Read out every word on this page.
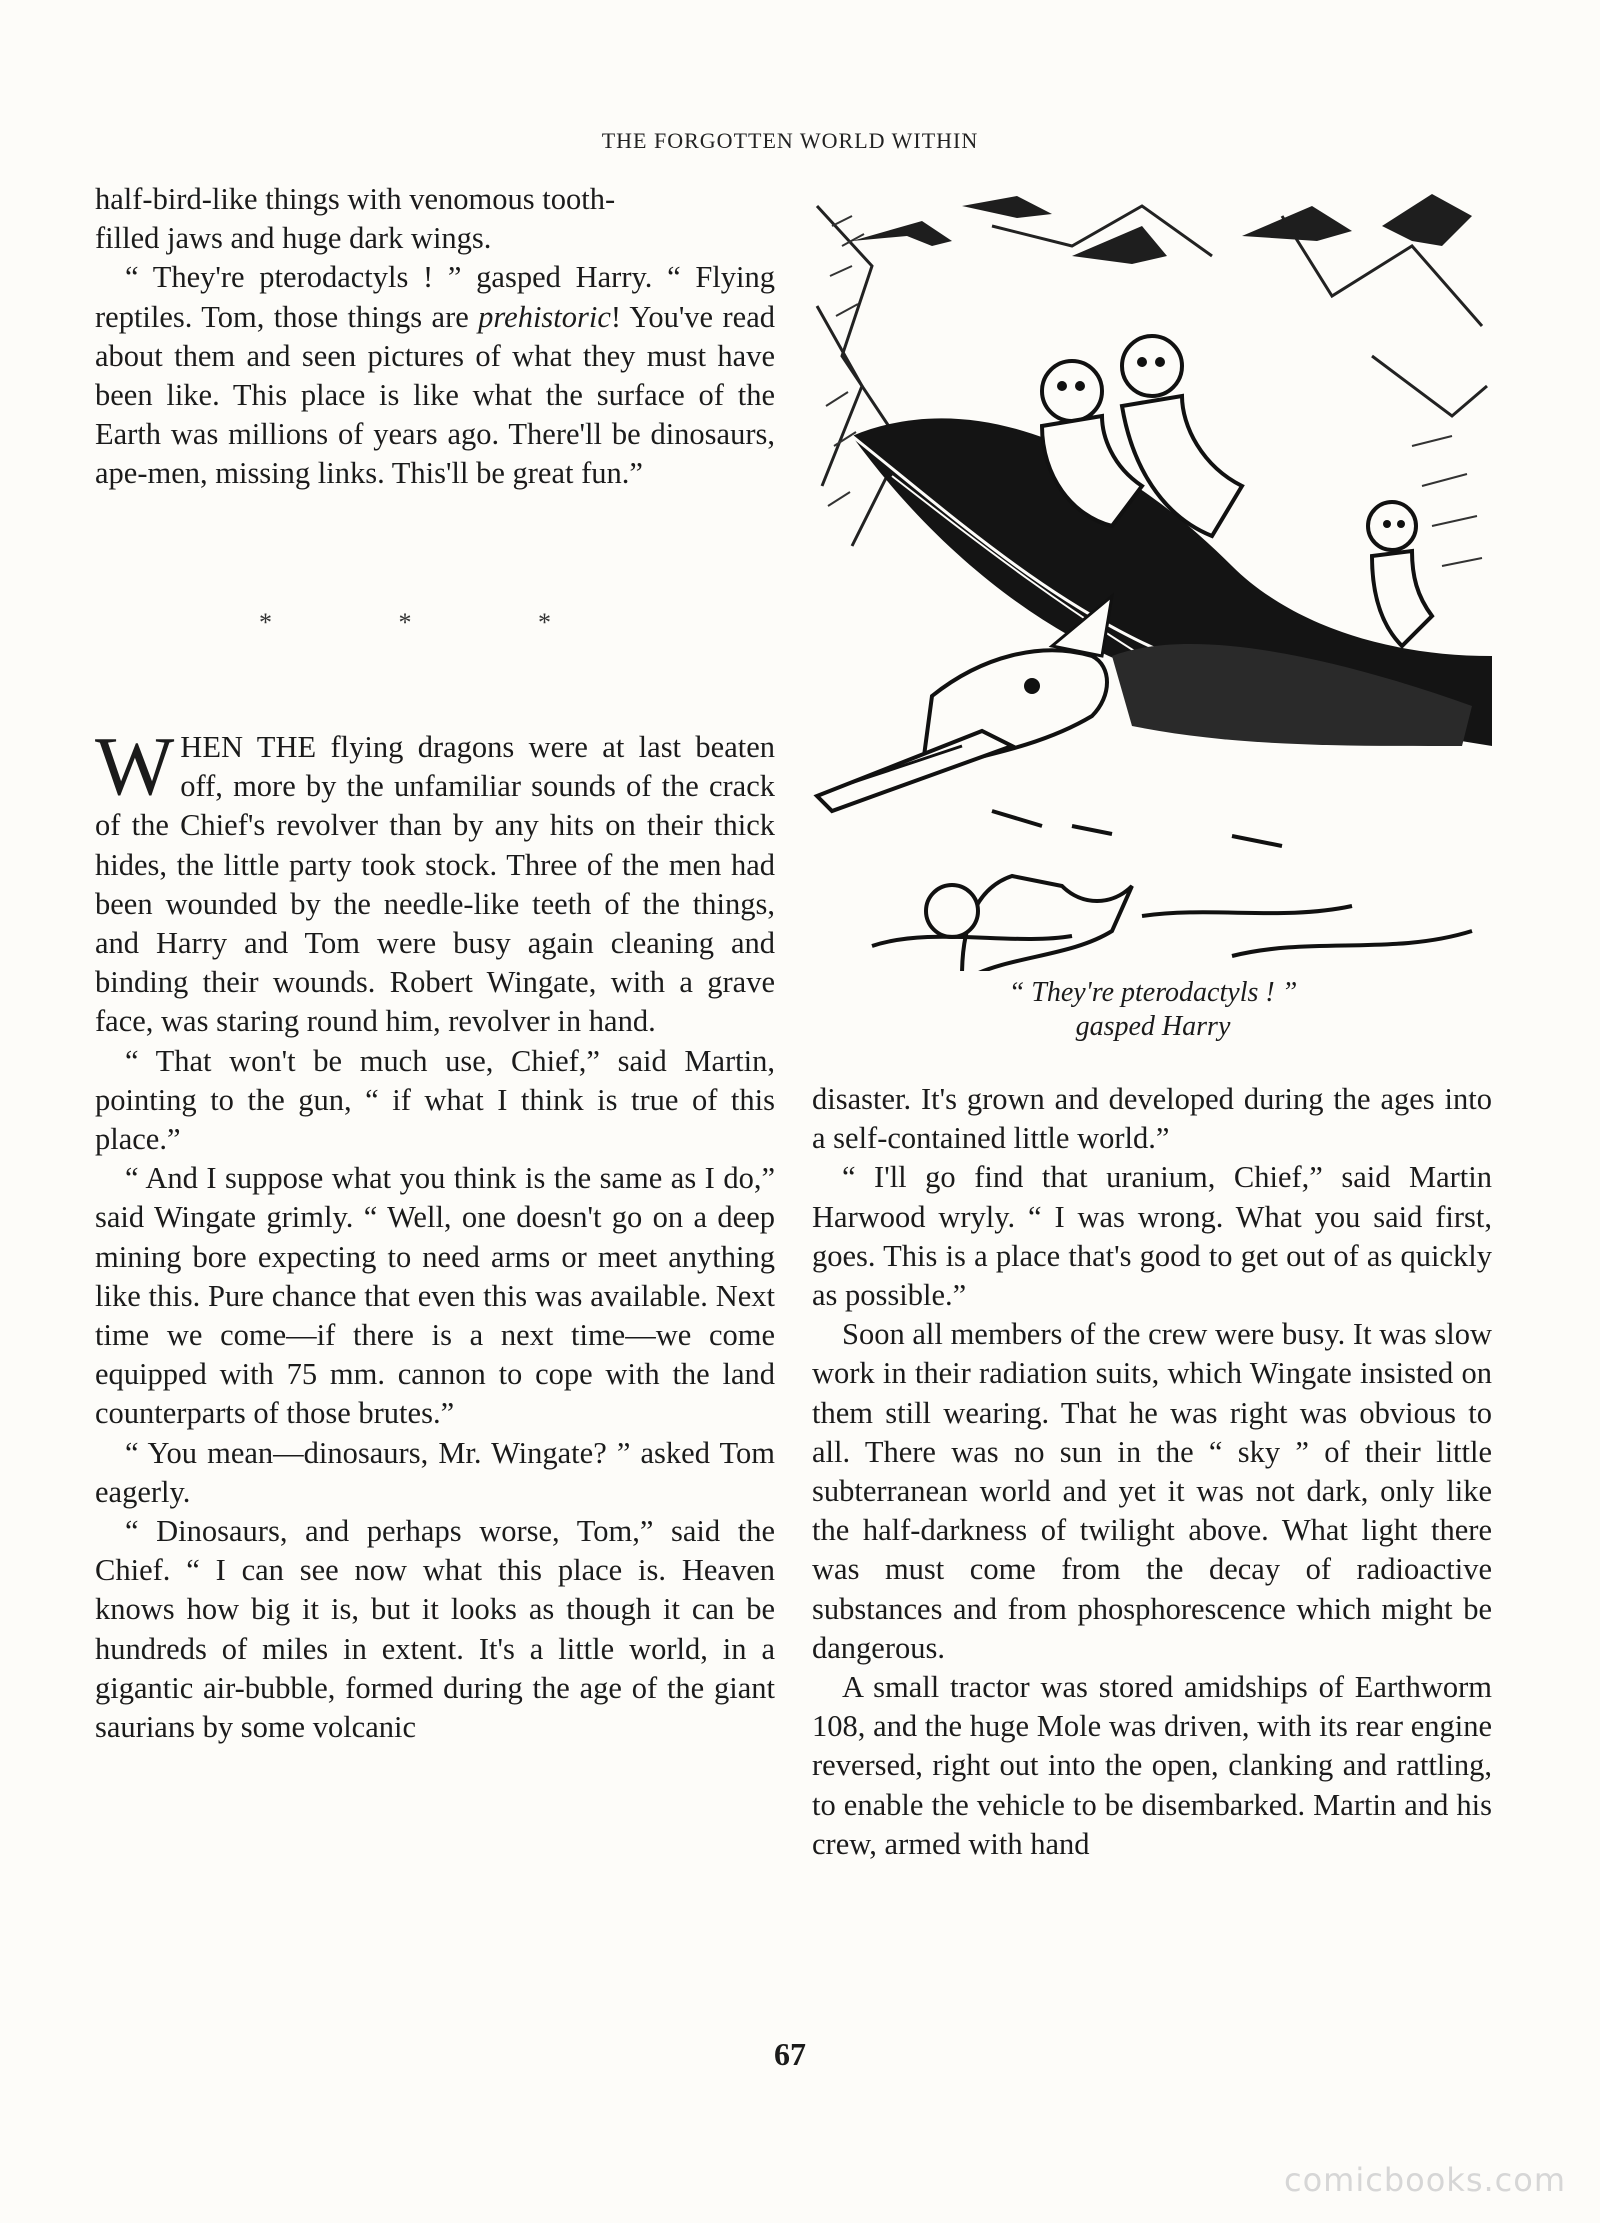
THE FORGOTTEN WORLD WITHIN

half-bird-like things with venomous tooth-

filled jaws and huge dark wings.

“ They're pterodactyls ! ” gasped Harry. “ Flying reptiles. Tom, those things are prehistoric! You've read about them and seen pictures of what they must have been like. This place is like what the surface of the Earth was millions of years ago. There'll be dinosaurs, ape-men, missing links. This'll be great fun.”

* * *

WHEN THE flying dragons were at last beaten off, more by the unfamiliar sounds of the crack of the Chief's revolver than by any hits on their thick hides, the little party took stock. Three of the men had been wounded by the needle-like teeth of the things, and Harry and Tom were busy again cleaning and binding their wounds. Robert Wingate, with a grave face, was staring round him, revolver in hand.

“ That won't be much use, Chief,” said Martin, pointing to the gun, “ if what I think is true of this place.”

“ And I suppose what you think is the same as I do,” said Wingate grimly. “ Well, one doesn't go on a deep mining bore expecting to need arms or meet anything like this. Pure chance that even this was available. Next time we come—if there is a next time—we come equipped with 75 mm. cannon to cope with the land counterparts of those brutes.”

“ You mean—dinosaurs, Mr. Wingate? ” asked Tom eagerly.

“ Dinosaurs, and perhaps worse, Tom,” said the Chief. “ I can see now what this place is. Heaven knows how big it is, but it looks as though it can be hundreds of miles in extent. It's a little world, in a gigantic air-bubble, formed during the age of the giant saurians by some volcanic

“ They're pterodactyls ! ”
gasped Harry

disaster. It's grown and developed during the ages into a self-contained little world.”

“ I'll go find that uranium, Chief,” said Martin Harwood wryly. “ I was wrong. What you said first, goes. This is a place that's good to get out of as quickly as possible.”

Soon all members of the crew were busy. It was slow work in their radiation suits, which Wingate insisted on them still wearing. That he was right was obvious to all. There was no sun in the “ sky ” of their little subterranean world and yet it was not dark, only like the half-darkness of twilight above. What light there was must come from the decay of radioactive substances and from phosphorescence which might be dangerous.

A small tractor was stored amidships of Earthworm 108, and the huge Mole was driven, with its rear engine reversed, right out into the open, clanking and rattling, to enable the vehicle to be disembarked. Martin and his crew, armed with hand

67
comicbooks.com
